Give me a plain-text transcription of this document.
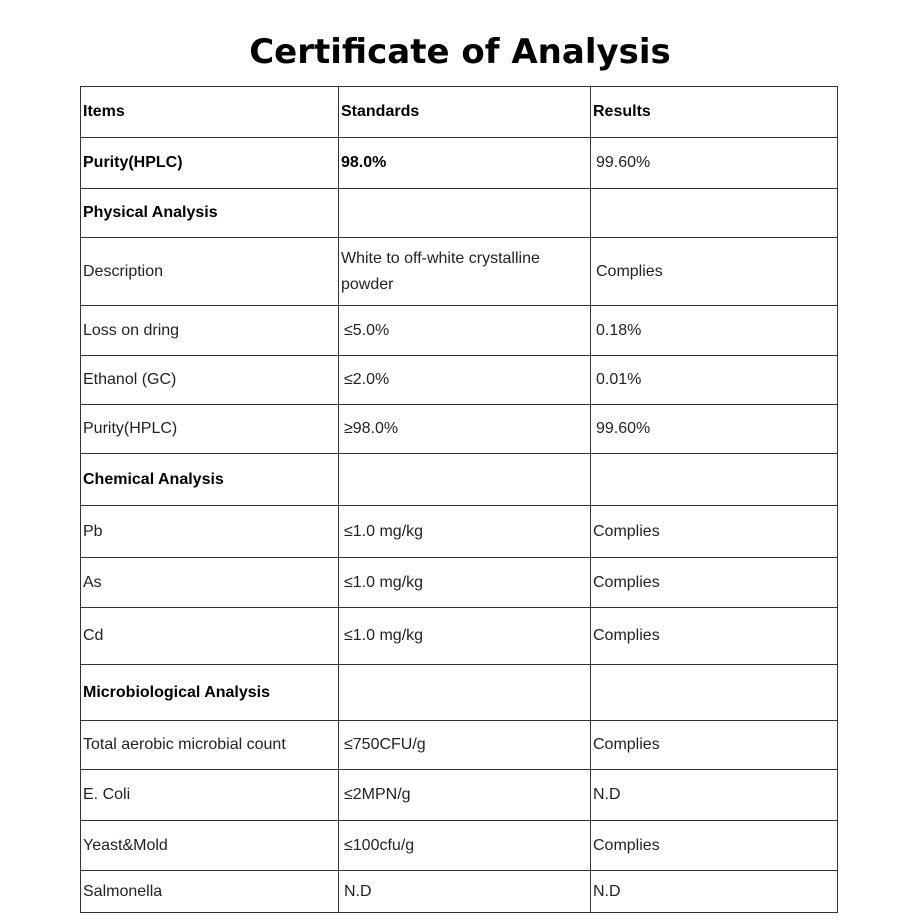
Certificate of Analysis
Items	Standards	Results
Purity(HPLC)	98.0%	99.60%
Physical Analysis		
Description	White to off-white crystalline powder	Complies
Loss on dring	≤5.0%	0.18%
Ethanol (GC)	≤2.0%	0.01%
Purity(HPLC)	≥98.0%	99.60%
Chemical Analysis		
Pb	≤1.0 mg/kg	Complies
As	≤1.0 mg/kg	Complies
Cd	≤1.0 mg/kg	Complies
Microbiological Analysis		
Total aerobic microbial count	≤750CFU/g	Complies
E. Coli	≤2MPN/g	N.D
Yeast&Mold	≤100cfu/g	Complies
Salmonella	N.D	N.D
